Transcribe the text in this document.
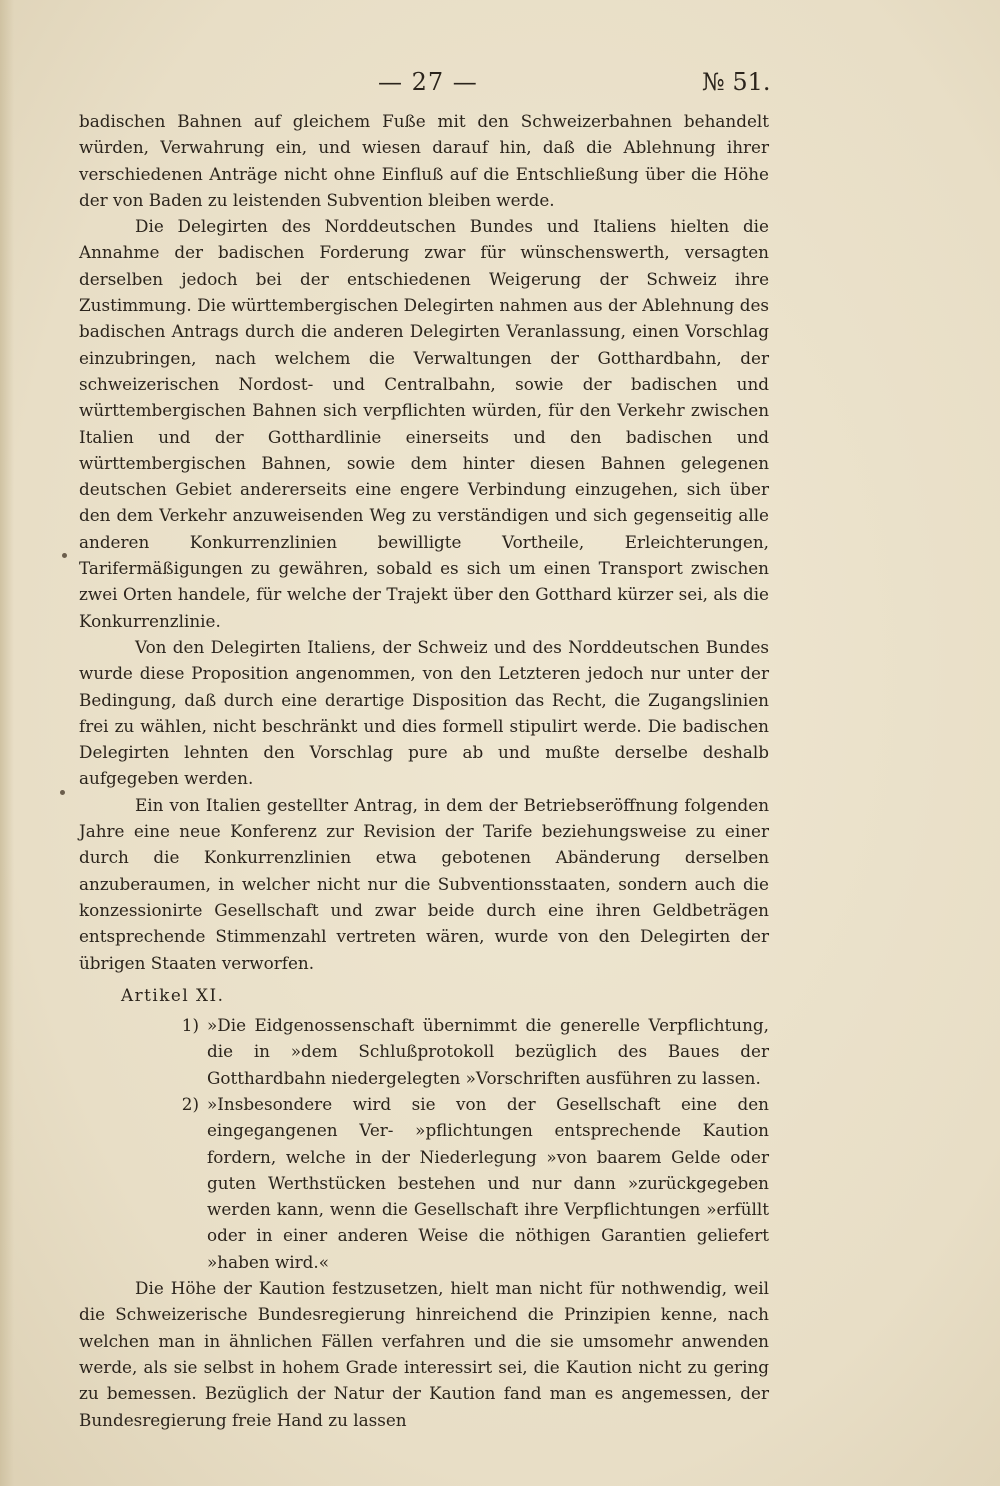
— 27 —	№ 51.

badischen Bahnen auf gleichem Fuße mit den Schweizerbahnen behandelt würden, Verwahrung ein, und wiesen darauf hin, daß die Ablehnung ihrer verschiedenen Anträge nicht ohne Einfluß auf die Entschließung über die Höhe der von Baden zu leistenden Subvention bleiben werde.

Die Delegirten des Norddeutschen Bundes und Italiens hielten die Annahme der badischen Forderung zwar für wünschenswerth, versagten derselben jedoch bei der entschiedenen Weigerung der Schweiz ihre Zustimmung. Die württembergischen Delegirten nahmen aus der Ablehnung des badischen Antrags durch die anderen Delegirten Veranlassung, einen Vorschlag einzubringen, nach welchem die Verwaltungen der Gotthardbahn, der schweizerischen Nordost- und Centralbahn, sowie der badischen und württembergischen Bahnen sich verpflichten würden, für den Verkehr zwischen Italien und der Gotthardlinie einerseits und den badischen und württembergischen Bahnen, sowie dem hinter diesen Bahnen gelegenen deutschen Gebiet andererseits eine engere Verbindung einzugehen, sich über den dem Verkehr anzuweisenden Weg zu verständigen und sich gegenseitig alle anderen Konkurrenzlinien bewilligte Vortheile, Erleichterungen, Tarifermäßigungen zu gewähren, sobald es sich um einen Transport zwischen zwei Orten handele, für welche der Trajekt über den Gotthard kürzer sei, als die Konkurrenzlinie.

Von den Delegirten Italiens, der Schweiz und des Norddeutschen Bundes wurde diese Proposition angenommen, von den Letzteren jedoch nur unter der Bedingung, daß durch eine derartige Disposition das Recht, die Zugangslinien frei zu wählen, nicht beschränkt und dies formell stipulirt werde. Die badischen Delegirten lehnten den Vorschlag pure ab und mußte derselbe deshalb aufgegeben werden.

Ein von Italien gestellter Antrag, in dem der Betriebseröffnung folgenden Jahre eine neue Konferenz zur Revision der Tarife beziehungsweise zu einer durch die Konkurrenzlinien etwa gebotenen Abänderung derselben anzuberaumen, in welcher nicht nur die Subventionsstaaten, sondern auch die konzessionirte Gesellschaft und zwar beide durch eine ihren Geldbeträgen entsprechende Stimmenzahl vertreten wären, wurde von den Delegirten der übrigen Staaten verworfen.

Artikel XI.

1) »Die Eidgenossenschaft übernimmt die generelle Verpflichtung, die in »dem Schlußprotokoll bezüglich des Baues der Gotthardbahn niedergelegten »Vorschriften ausführen zu lassen.
2) »Insbesondere wird sie von der Gesellschaft eine den eingegangenen Ver- »pflichtungen entsprechende Kaution fordern, welche in der Niederlegung »von baarem Gelde oder guten Werthstücken bestehen und nur dann »zurückgegeben werden kann, wenn die Gesellschaft ihre Verpflichtungen »erfüllt oder in einer anderen Weise die nöthigen Garantien geliefert »haben wird.«

Die Höhe der Kaution festzusetzen, hielt man nicht für nothwendig, weil die Schweizerische Bundesregierung hinreichend die Prinzipien kenne, nach welchen man in ähnlichen Fällen verfahren und die sie umsomehr anwenden werde, als sie selbst in hohem Grade interessirt sei, die Kaution nicht zu gering zu bemessen. Bezüglich der Natur der Kaution fand man es angemessen, der Bundesregierung freie Hand zu lassen
